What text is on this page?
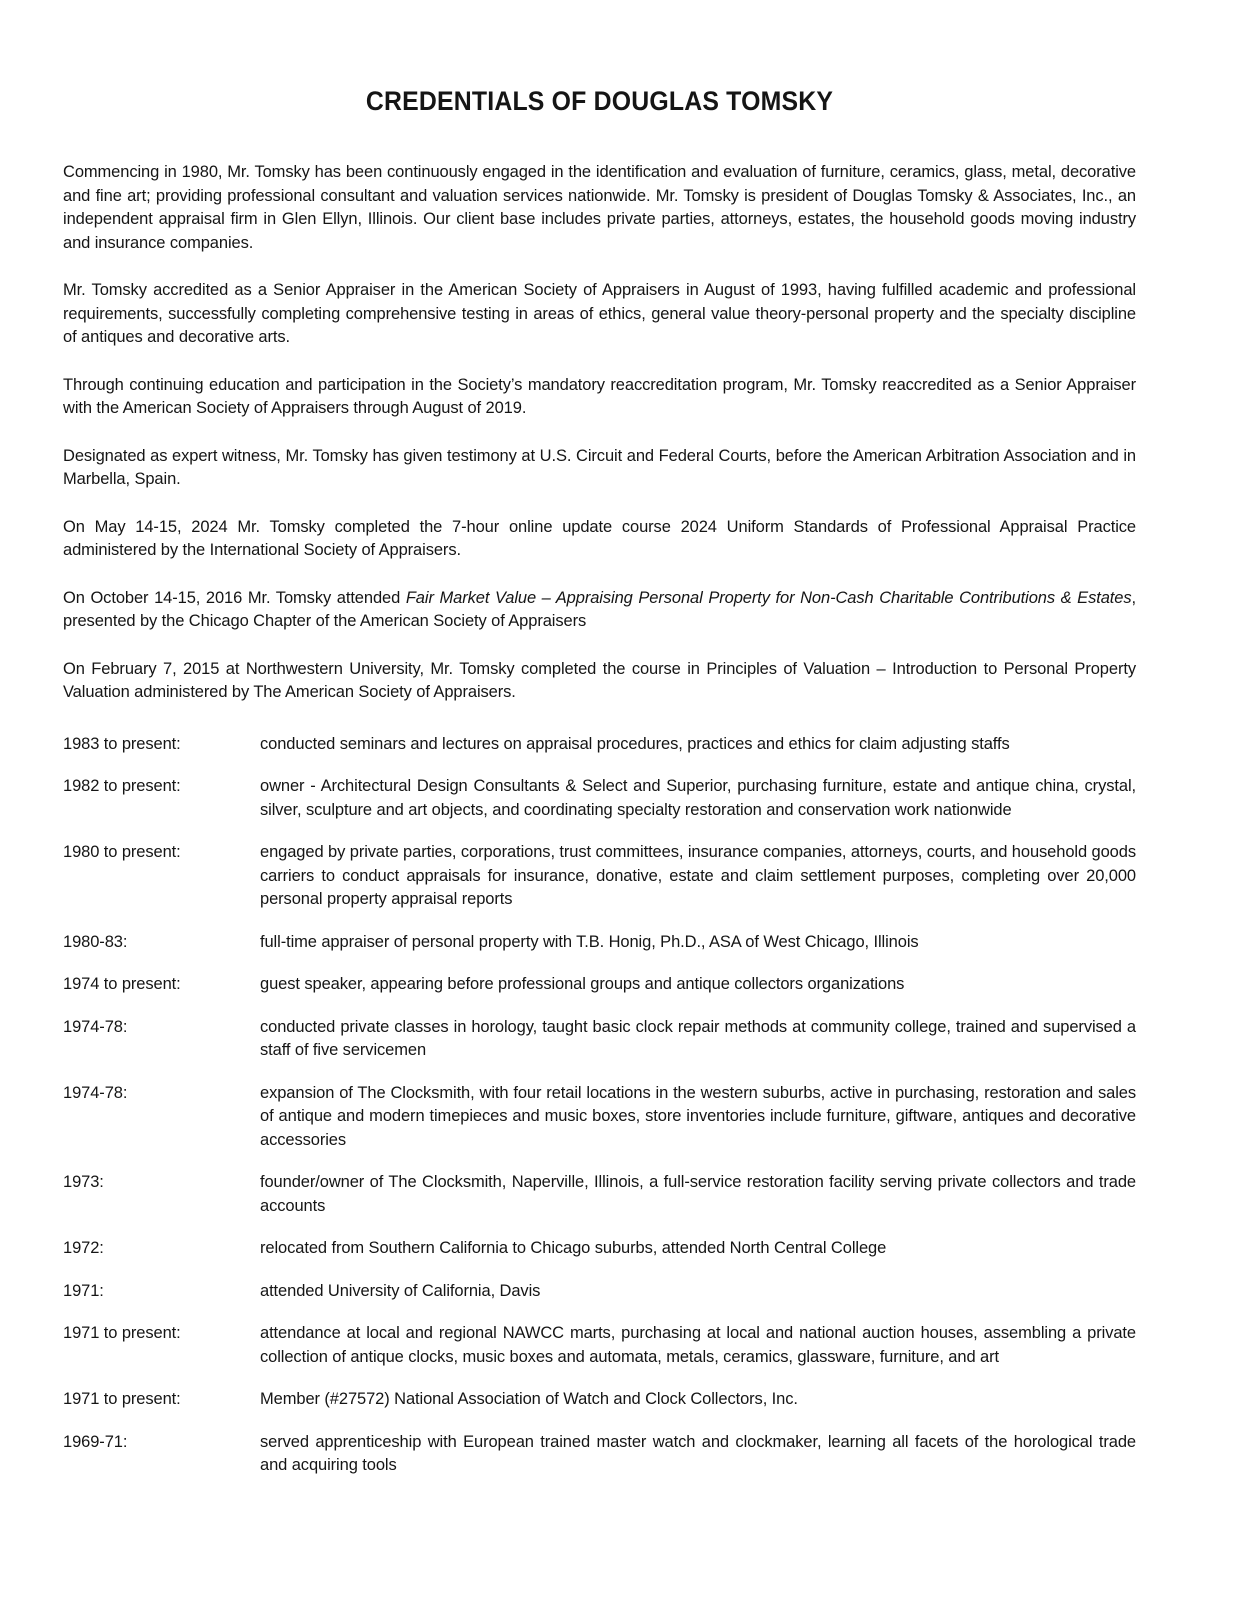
CREDENTIALS OF DOUGLAS TOMSKY

Commencing in 1980, Mr. Tomsky has been continuously engaged in the identification and evaluation of furniture, ceramics, glass, metal, decorative and fine art; providing professional consultant and valuation services nationwide. Mr. Tomsky is president of Douglas Tomsky & Associates, Inc., an independent appraisal firm in Glen Ellyn, Illinois. Our client base includes private parties, attorneys, estates, the household goods moving industry and insurance companies.

Mr. Tomsky accredited as a Senior Appraiser in the American Society of Appraisers in August of 1993, having fulfilled academic and professional requirements, successfully completing comprehensive testing in areas of ethics, general value theory-personal property and the specialty discipline of antiques and decorative arts.

Through continuing education and participation in the Society’s mandatory reaccreditation program, Mr. Tomsky reaccredited as a Senior Appraiser with the American Society of Appraisers through August of 2019.

Designated as expert witness, Mr. Tomsky has given testimony at U.S. Circuit and Federal Courts, before the American Arbitration Association and in Marbella, Spain.

On May 14-15, 2024 Mr. Tomsky completed the 7-hour online update course 2024 Uniform Standards of Professional Appraisal Practice administered by the International Society of Appraisers.

On October 14-15, 2016 Mr. Tomsky attended Fair Market Value – Appraising Personal Property for Non-Cash Charitable Contributions & Estates, presented by the Chicago Chapter of the American Society of Appraisers

On February 7, 2015 at Northwestern University, Mr. Tomsky completed the course in Principles of Valuation – Introduction to Personal Property Valuation administered by The American Society of Appraisers.

1983 to present:	conducted seminars and lectures on appraisal procedures, practices and ethics for claim adjusting staffs
1982 to present:	owner - Architectural Design Consultants & Select and Superior, purchasing furniture, estate and antique china, crystal, silver, sculpture and art objects, and coordinating specialty restoration and conservation work nationwide
1980 to present:	engaged by private parties, corporations, trust committees, insurance companies, attorneys, courts, and household goods carriers to conduct appraisals for insurance, donative, estate and claim settlement purposes, completing over 20,000 personal property appraisal reports
1980-83:	full-time appraiser of personal property with T.B. Honig, Ph.D., ASA of West Chicago, Illinois
1974 to present:	guest speaker, appearing before professional groups and antique collectors organizations
1974-78:	conducted private classes in horology, taught basic clock repair methods at community college, trained and supervised a staff of five servicemen
1974-78:	expansion of The Clocksmith, with four retail locations in the western suburbs, active in purchasing, restoration and sales of antique and modern timepieces and music boxes, store inventories include furniture, giftware, antiques and decorative accessories
1973:	founder/owner of The Clocksmith, Naperville, Illinois, a full-service restoration facility serving private collectors and trade accounts
1972:	relocated from Southern California to Chicago suburbs, attended North Central College
1971:	attended University of California, Davis
1971 to present:	attendance at local and regional NAWCC marts, purchasing at local and national auction houses, assembling a private collection of antique clocks, music boxes and automata, metals, ceramics, glassware, furniture, and art
1971 to present:	Member (#27572) National Association of Watch and Clock Collectors, Inc.
1969-71:	served apprenticeship with European trained master watch and clockmaker, learning all facets of the horological trade and acquiring tools
